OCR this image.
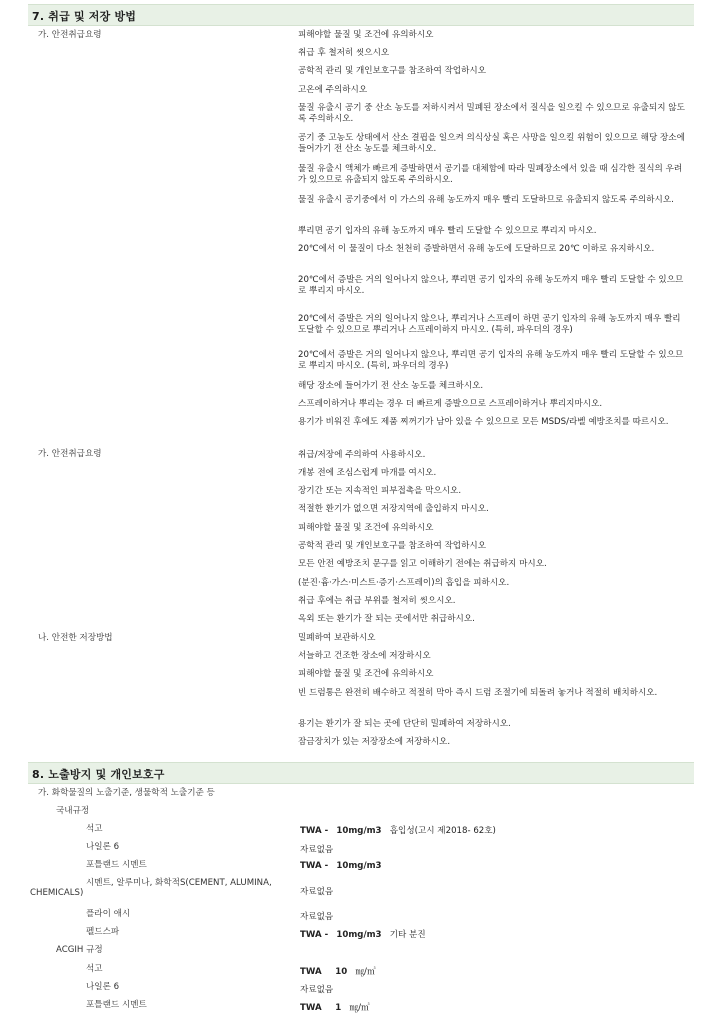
7. 취급 및 저장 방법
가. 안전취급요령	피해야할 물질 및 조건에 유의하시오
취급 후 철저히 씻으시오
공학적 관리 및 개인보호구를 참조하여 작업하시오
고온에 주의하시오
물질 유출시 공기 중 산소 농도를 저하시켜서 밀폐된 장소에서 질식을 일으킬 수 있으므로 유출되지 않도록 주의하시오.
공기 중 고농도 상태에서 산소 결핍을 일으켜 의식상실 혹은 사망을 일으킬 위험이 있으므로 해당 장소에 들어가기 전 산소 농도를 체크하시오.
물질 유출시 액체가 빠르게 증발하면서 공기를 대체함에 따라 밀폐장소에서 있을 때 심각한 질식의 우려가 있으므로 유출되지 않도록 주의하시오.
물질 유출시 공기중에서 이 가스의 유해 농도까지 매우 빨리 도달하므로 유출되지 않도록 주의하시오.
뿌리면 공기 입자의 유해 농도까지 매우 빨리 도달할 수 있으므로 뿌리지 마시오.
20℃에서 이 물질이 다소 천천히 증발하면서 유해 농도에 도달하므로 20℃ 이하로 유지하시오.
20℃에서 증발은 거의 일어나지 않으나, 뿌리면 공기 입자의 유해 농도까지 매우 빨리 도달할 수 있으므로 뿌리지 마시오.
20℃에서 증발은 거의 일어나지 않으나, 뿌리거나 스프레이 하면 공기 입자의 유해 농도까지 매우 빨리 도달할 수 있으므로 뿌리거나 스프레이하지 마시오. (특히, 파우더의 경우)
20℃에서 증발은 거의 일어나지 않으나, 뿌리면 공기 입자의 유해 농도까지 매우 빨리 도달할 수 있으므로 뿌리지 마시오. (특히, 파우더의 경우)
해당 장소에 들어가기 전 산소 농도를 체크하시오.
스프레이하거나 뿌리는 경우 더 빠르게 증발으므로 스프레이하거나 뿌리지마시오.
용기가 비워진 후에도 제품 찌꺼기가 남아 있을 수 있으므로 모든 MSDS/라벨 예방조치를 따르시오.
가. 안전취급요령	취급/저장에 주의하여 사용하시오.
개봉 전에 조심스럽게 마개를 여시오.
장기간 또는 지속적인 피부접촉을 막으시오.
적절한 환기가 없으면 저장지역에 출입하지 마시오.
피해야할 물질 및 조건에 유의하시오
공학적 관리 및 개인보호구를 참조하여 작업하시오
모든 안전 예방조치 문구를 읽고 이해하기 전에는 취급하지 마시오.
(분진·흄·가스·미스트·증기·스프레이)의 흡입을 피하시오.
취급 후에는 취급 부위를 철저히 씻으시오.
옥외 또는 환기가 잘 되는 곳에서만 취급하시오.
나. 안전한 저장방법	밀폐하여 보관하시오
서늘하고 건조한 장소에 저장하시오
피해야할 물질 및 조건에 유의하시오
빈 드럼통은 완전히 배수하고 적절히 막아 즉시 드럼 조절기에 되돌려 놓거나 적절히 배치하시오.
용기는 환기가 잘 되는 곳에 단단히 밀폐하여 저장하시오.
잠금장치가 있는 저장장소에 저장하시오.
8. 노출방지 및 개인보호구
가. 화학물질의 노출기준, 생물학적 노출기준 등
국내규정
석고	TWA - 10mg/m3 흡입성(고시 제2018- 62호)
나일론 6	자료없음
포틀랜드 시멘트	TWA - 10mg/m3
시멘트, 알루미나, 화학적S(CEMENT, ALUMINA,
CHEMICALS)	자료없음
플라이 애시	자료없음
펠드스파	TWA - 10mg/m3 기타 분진
ACGIH 규정
석고	TWA 10 ㎎/㎥
나일론 6	자료없음
포틀랜드 시멘트	TWA 1 ㎎/㎥
